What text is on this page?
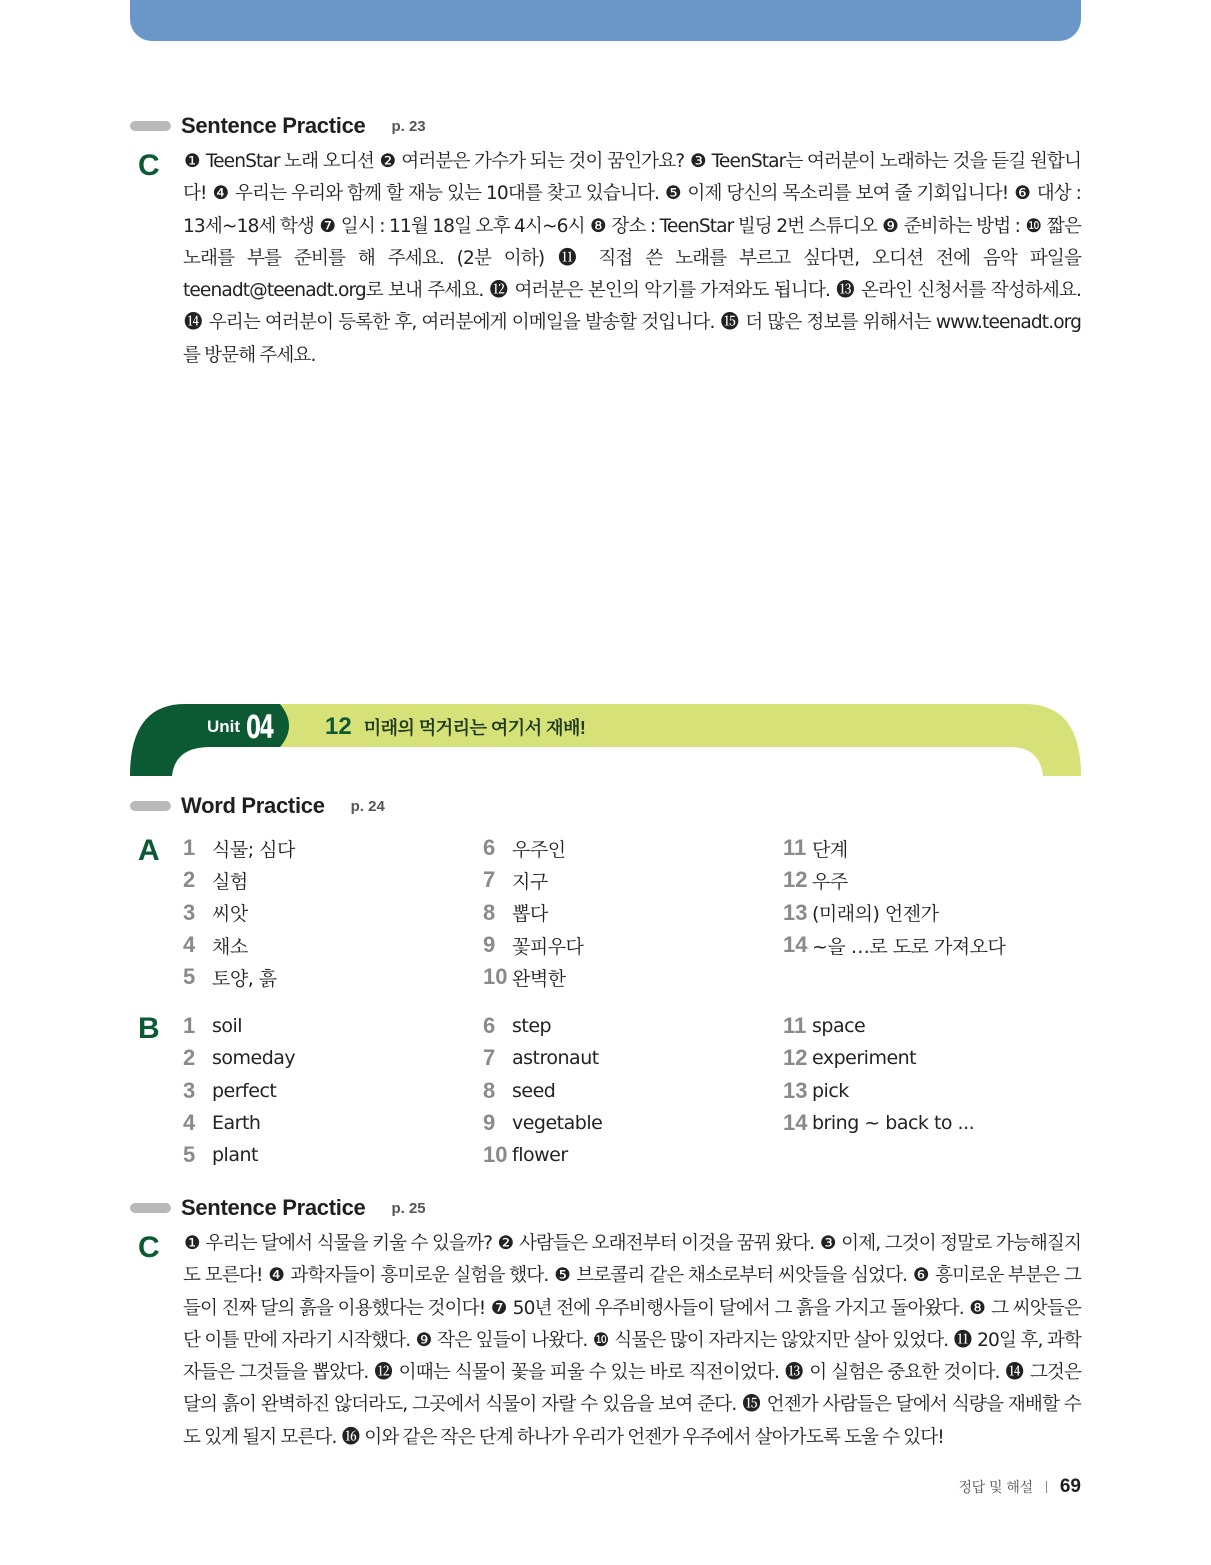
Sentence Practice p. 23
C ❶ TeenStar 노래 오디션 ❷ 여러분은 가수가 되는 것이 꿈인가요? ❸ TeenStar는 여러분이 노래하는 것을 듣길 원합니다! ❹ 우리는 우리와 함께 할 재능 있는 10대를 찾고 있습니다. ❺ 이제 당신의 목소리를 보여 줄 기회입니다! ❻ 대상 : 13세~18세 학생 ❼ 일시 : 11월 18일 오후 4시~6시 ❽ 장소 : TeenStar 빌딩 2번 스튜디오 ❾ 준비하는 방법 : ❿ 짧은 노래를 부를 준비를 해 주세요. (2분 이하) ⓫ 직접 쓴 노래를 부르고 싶다면, 오디션 전에 음악 파일을 teenadt@teenadt.org로 보내 주세요. ⓬ 여러분은 본인의 악기를 가져와도 됩니다. ⓭ 온라인 신청서를 작성하세요. ⓮ 우리는 여러분이 등록한 후, 여러분에게 이메일을 발송할 것입니다. ⓯ 더 많은 정보를 위해서는 www.teenadt.org를 방문해 주세요.

Unit 04 12 미래의 먹거리는 여기서 재배!
Word Practice p. 24
A 1 식물; 심다
2 실험
3 씨앗
4 채소
5 토양, 흙
6 우주인
7 지구
8 뽑다
9 꽃피우다
10 완벽한
11 단계
12 우주
13 (미래의) 언젠가
14 ~을 …로 도로 가져오다
B 1 soil
2 someday
3 perfect
4 Earth
5 plant
6 step
7 astronaut
8 seed
9 vegetable
10 flower
11 space
12 experiment
13 pick
14 bring ~ back to ...
Sentence Practice p. 25
C ❶ 우리는 달에서 식물을 키울 수 있을까? ❷ 사람들은 오래전부터 이것을 꿈꿔 왔다. ❸ 이제, 그것이 정말로 가능해질지도 모른다! ❹ 과학자들이 흥미로운 실험을 했다. ❺ 브로콜리 같은 채소로부터 씨앗들을 심었다. ❻ 흥미로운 부분은 그들이 진짜 달의 흙을 이용했다는 것이다! ❼ 50년 전에 우주비행사들이 달에서 그 흙을 가지고 돌아왔다. ❽ 그 씨앗들은 단 이틀 만에 자라기 시작했다. ❾ 작은 잎들이 나왔다. ❿ 식물은 많이 자라지는 않았지만 살아 있었다. ⓫ 20일 후, 과학자들은 그것들을 뽑았다. ⓬ 이때는 식물이 꽃을 피울 수 있는 바로 직전이었다. ⓭ 이 실험은 중요한 것이다. ⓮ 그것은 달의 흙이 완벽하진 않더라도, 그곳에서 식물이 자랄 수 있음을 보여 준다. ⓯ 언젠가 사람들은 달에서 식량을 재배할 수도 있게 될지 모른다. ⓰ 이와 같은 작은 단계 하나가 우리가 언젠가 우주에서 살아가도록 도울 수 있다!

정답 및 해설 69
